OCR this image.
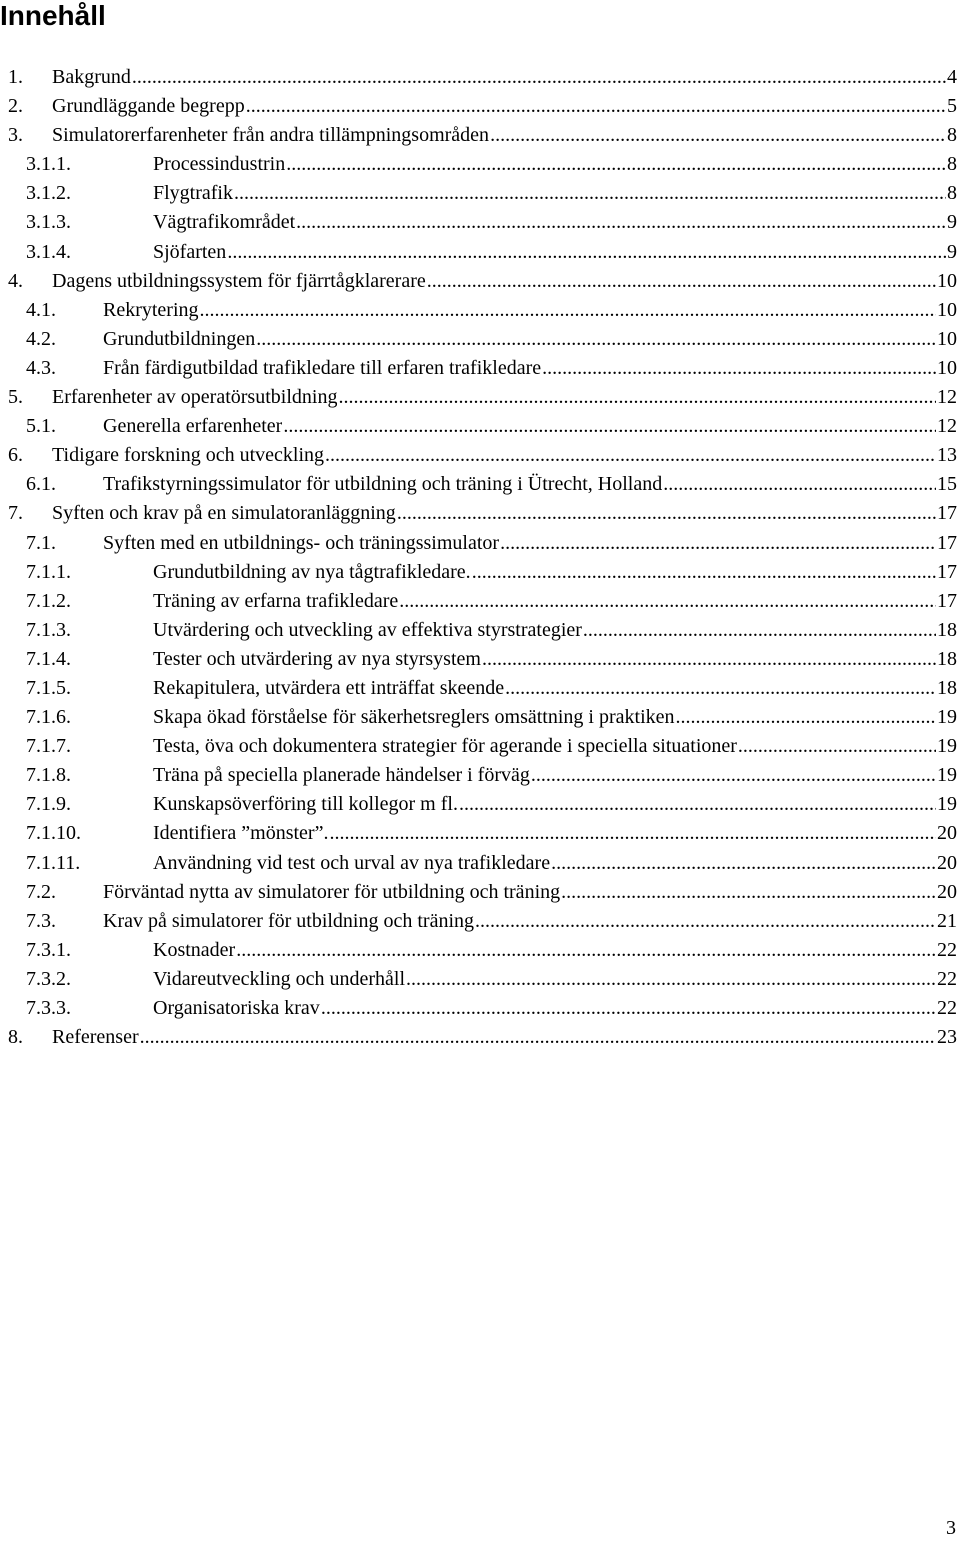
Innehåll
1.	Bakgrund .....	4
2.	Grundläggande begrepp .....	5
3.	Simulatorerfarenheter från andra tillämpningsområden .....	8
3.1.1.	Processindustrin .....	8
3.1.2.	Flygtrafik .....	8
3.1.3.	Vägtrafikområdet .....	9
3.1.4.	Sjöfarten .....	9
4.	Dagens utbildningssystem för fjärrtågklarerare .....	10
4.1.	Rekrytering .....	10
4.2.	Grundutbildningen .....	10
4.3.	Från färdigutbildad trafikledare till erfaren trafikledare .....	10
5.	Erfarenheter av operatörsutbildning .....	12
5.1.	Generella erfarenheter .....	12
6.	Tidigare forskning och utveckling .....	13
6.1.	Trafikstyrningssimulator för utbildning och träning i Ütrecht, Holland .....	15
7.	Syften och krav på en simulatoranläggning .....	17
7.1.	Syften med en utbildnings- och träningssimulator .....	17
7.1.1.	Grundutbildning av nya tågtrafikledare. .....	17
7.1.2.	Träning av erfarna trafikledare .....	17
7.1.3.	Utvärdering och utveckling av effektiva styrstrategier .....	18
7.1.4.	Tester och utvärdering av nya styrsystem .....	18
7.1.5.	Rekapitulera, utvärdera ett inträffat skeende .....	18
7.1.6.	Skapa ökad förståelse för säkerhetsreglers omsättning i praktiken .....	19
7.1.7.	Testa, öva och dokumentera strategier för agerande i speciella situationer .....	19
7.1.8.	Träna på speciella planerade händelser i förväg .....	19
7.1.9.	Kunskapsöverföring till kollegor m fl. .....	19
7.1.10.	Identifiera ”mönster”. .....	20
7.1.11.	Användning vid test och urval av nya trafikledare .....	20
7.2.	Förväntad nytta av simulatorer för utbildning och träning .....	20
7.3.	Krav på simulatorer för utbildning och träning .....	21
7.3.1.	Kostnader .....	22
7.3.2.	Vidareutveckling och underhåll .....	22
7.3.3.	Organisatoriska krav .....	22
8.	Referenser .....	23
3
